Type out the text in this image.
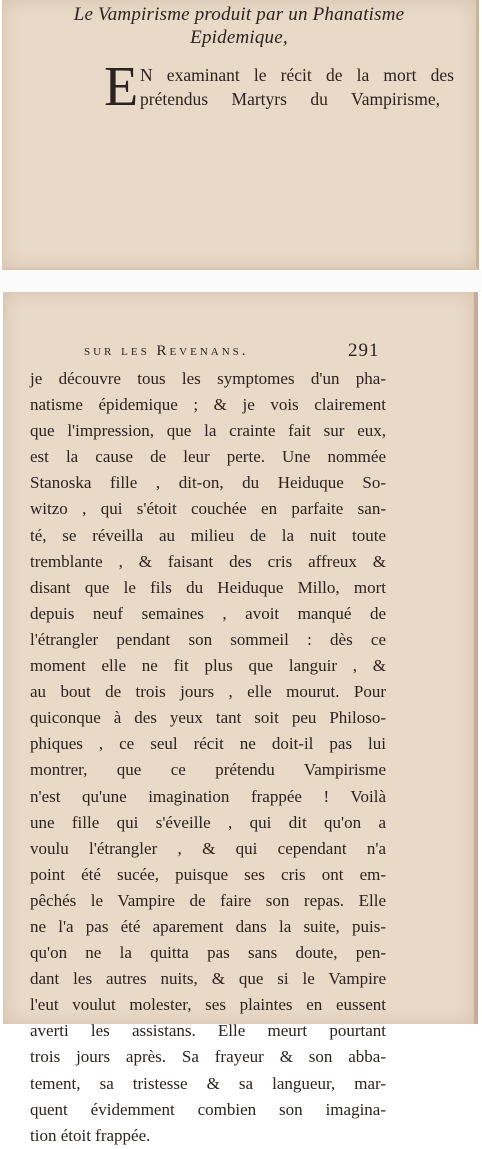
Le Vampirisme produit par un Phanatisme

Epidemique,

E N examinant le récit de la mort des
prétendus Martyrs du Vampirisme,
sur les Revenans.	291
je découvre tous les symptomes d'un pha-
natisme épidemique ; & je vois clairement
que l'impression, que la crainte fait sur eux,
est la cause de leur perte. Une nommée
Stanoska fille , dit-on, du Heiduque So-
witzo , qui s'étoit couchée en parfaite san-
té, se réveilla au milieu de la nuit toute
tremblante , & faisant des cris affreux &
disant que le fils du Heiduque Millo, mort
depuis neuf semaines , avoit manqué de
l'étrangler pendant son sommeil : dès ce
moment elle ne fit plus que languir , &
au bout de trois jours , elle mourut. Pour
quiconque à des yeux tant soit peu Philoso-
phiques , ce seul récit ne doit-il pas lui
montrer, que ce prétendu Vampirisme
n'est qu'une imagination frappée ! Voilà
une fille qui s'éveille , qui dit qu'on a
voulu l'étrangler , & qui cependant n'a
point été sucée, puisque ses cris ont em-
pêchés le Vampire de faire son repas. Elle
ne l'a pas été aparement dans la suite, puis-
qu'on ne la quitta pas sans doute, pen-
dant les autres nuits, & que si le Vampire
l'eut voulut molester, ses plaintes en eussent
averti les assistans. Elle meurt pourtant
trois jours après. Sa frayeur & son abba-
tement, sa tristesse & sa langueur, mar-
quent évidemment combien son imagina-
tion étoit frappée.
